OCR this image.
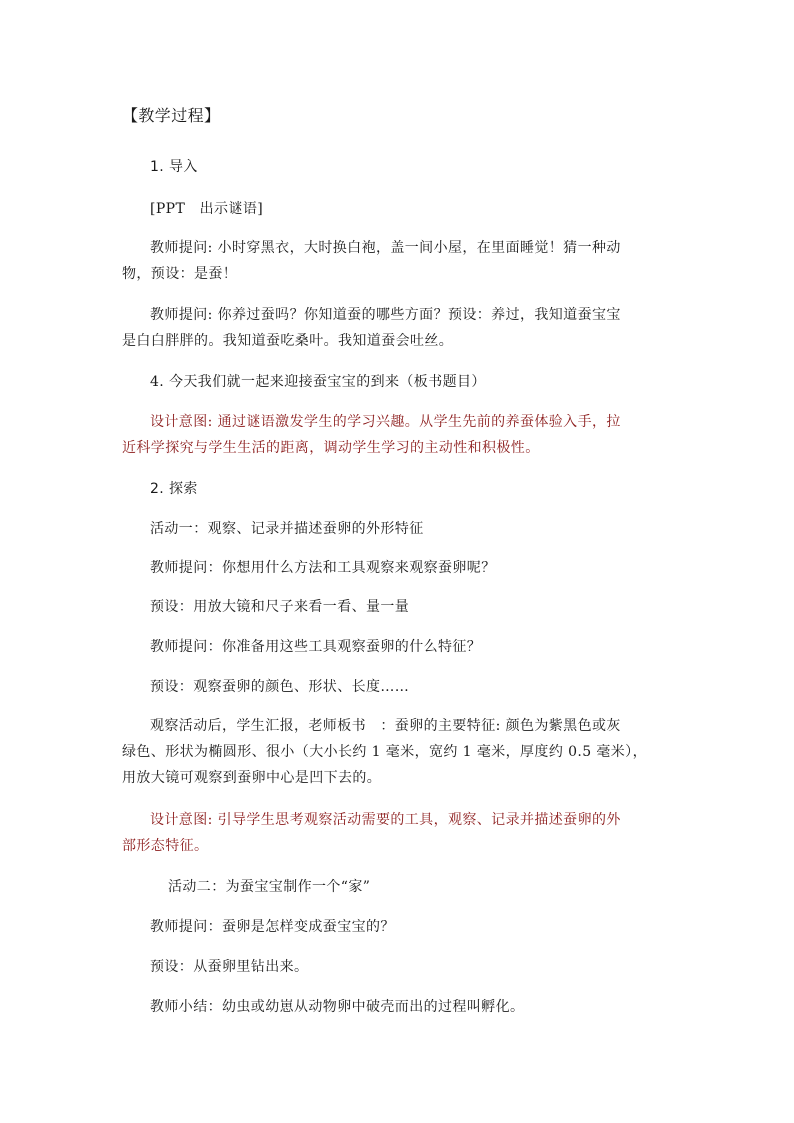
【教学过程】
1. 导入
[PPT　出示谜语]
教师提问: 小时穿黑衣，大时换白袍，盖一间小屋，在里面睡觉！猜一种动
物，预设：是蚕！
教师提问: 你养过蚕吗？你知道蚕的哪些方面？预设：养过，我知道蚕宝宝
是白白胖胖的。我知道蚕吃桑叶。我知道蚕会吐丝。
4. 今天我们就一起来迎接蚕宝宝的到来（板书题目）
设计意图: 通过谜语激发学生的学习兴趣。从学生先前的养蚕体验入手，拉
近科学探究与学生生活的距离，调动学生学习的主动性和积极性。
2. 探索
活动一：观察、记录并描述蚕卵的外形特征
教师提问：你想用什么方法和工具观察来观察蚕卵呢？
预设：用放大镜和尺子来看一看、量一量
教师提问：你准备用这些工具观察蚕卵的什么特征？
预设：观察蚕卵的颜色、形状、长度……
观察活动后，学生汇报，老师板书　：蚕卵的主要特征: 颜色为紫黑色或灰
绿色、形状为椭圆形、很小（大小长约 1 毫米，宽约 1 毫米，厚度约 0.5 毫米），
用放大镜可观察到蚕卵中心是凹下去的。
设计意图: 引导学生思考观察活动需要的工具，观察、记录并描述蚕卵的外
部形态特征。
活动二：为蚕宝宝制作一个“家”
教师提问：蚕卵是怎样变成蚕宝宝的？
预设：从蚕卵里钻出来。
教师小结：幼虫或幼崽从动物卵中破壳而出的过程叫孵化。
